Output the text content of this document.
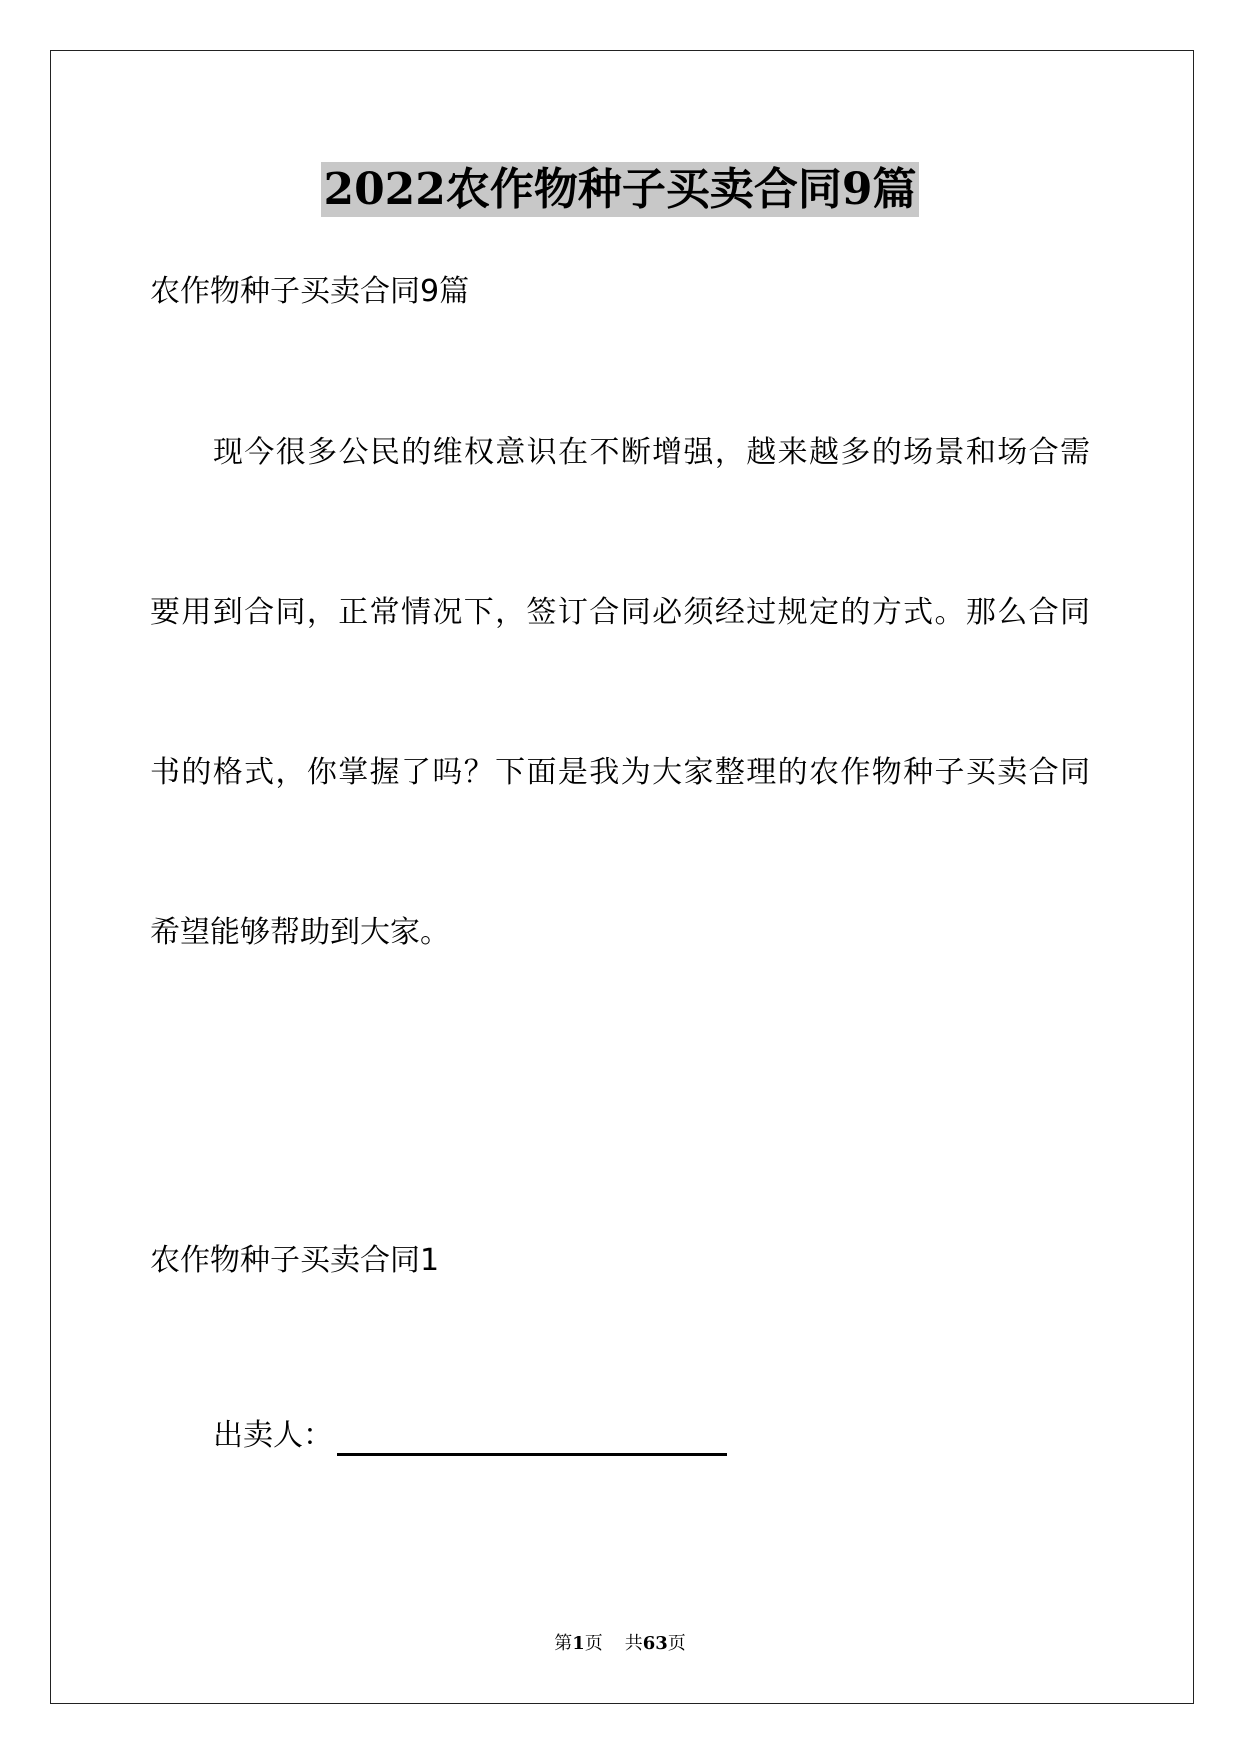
2022农作物种子买卖合同9篇
农作物种子买卖合同9篇
现今很多公民的维权意识在不断增强，越来越多的场景和场合需
要用到合同，正常情况下，签订合同必须经过规定的方式。那么合同
书的格式，你掌握了吗？下面是我为大家整理的农作物种子买卖合同
希望能够帮助到大家。
农作物种子买卖合同1
出卖人：
第1页 共63页
